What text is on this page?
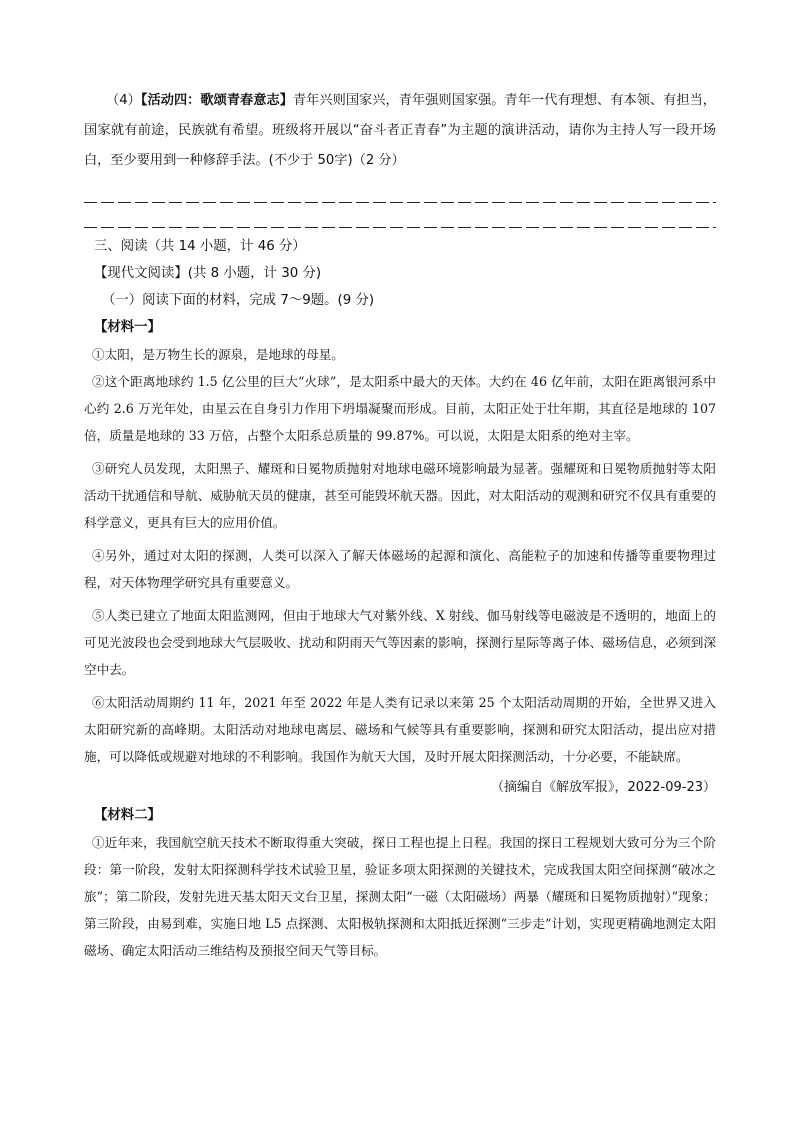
（4）【活动四：歌颂青春意志】青年兴则国家兴，青年强则国家强。青年一代有理想、有本领、有担当，国家就有前途，民族就有希望。班级将开展以“奋斗者正青春”为主题的演讲活动，请你为主持人写一段开场白，至少要用到一种修辞手法。(不少于 50字)（2 分）

三、阅读（共 14 小题，计 46 分）

【现代文阅读】(共 8 小题，计 30 分)

（一）阅读下面的材料，完成 7～9题。(9 分)

【材料一】

①太阳，是万物生长的源泉，是地球的母星。

②这个距离地球约 1.5 亿公里的巨大“火球”，是太阳系中最大的天体。大约在 46 亿年前，太阳在距离银河系中心约 2.6 万光年处，由星云在自身引力作用下坍塌凝聚而形成。目前，太阳正处于壮年期，其直径是地球的 107 倍，质量是地球的 33 万倍，占整个太阳系总质量的 99.87%。可以说，太阳是太阳系的绝对主宰。

③研究人员发现，太阳黑子、耀斑和日冕物质抛射对地球电磁环境影响最为显著。强耀斑和日冕物质抛射等太阳活动干扰通信和导航、威胁航天员的健康，甚至可能毁坏航天器。因此，对太阳活动的观测和研究不仅具有重要的科学意义，更具有巨大的应用价值。

④另外，通过对太阳的探测，人类可以深入了解天体磁场的起源和演化、高能粒子的加速和传播等重要物理过程，对天体物理学研究具有重要意义。

⑤人类已建立了地面太阳监测网，但由于地球大气对紫外线、X 射线、伽马射线等电磁波是不透明的，地面上的可见光波段也会受到地球大气层吸收、扰动和阴雨天气等因素的影响，探测行星际等离子体、磁场信息，必须到深空中去。

⑥太阳活动周期约 11 年，2021 年至 2022 年是人类有记录以来第 25 个太阳活动周期的开始，全世界又进入太阳研究新的高峰期。太阳活动对地球电离层、磁场和气候等具有重要影响，探测和研究太阳活动，提出应对措施，可以降低或规避对地球的不利影响。我国作为航天大国，及时开展太阳探测活动，十分必要，不能缺席。

（摘编自《解放军报》，2022-09-23）

【材料二】

①近年来，我国航空航天技术不断取得重大突破，探日工程也提上日程。我国的探日工程规划大致可分为三个阶段：第一阶段，发射太阳探测科学技术试验卫星，验证多项太阳探测的关键技术，完成我国太阳空间探测“破冰之旅”；第二阶段，发射先进天基太阳天文台卫星，探测太阳“一磁（太阳磁场）两暴（耀斑和日冕物质抛射）”现象；第三阶段，由易到难，实施日地 L5 点探测、太阳极轨探测和太阳抵近探测“三步走”计划，实现更精确地测定太阳磁场、确定太阳活动三维结构及预报空间天气等目标。
